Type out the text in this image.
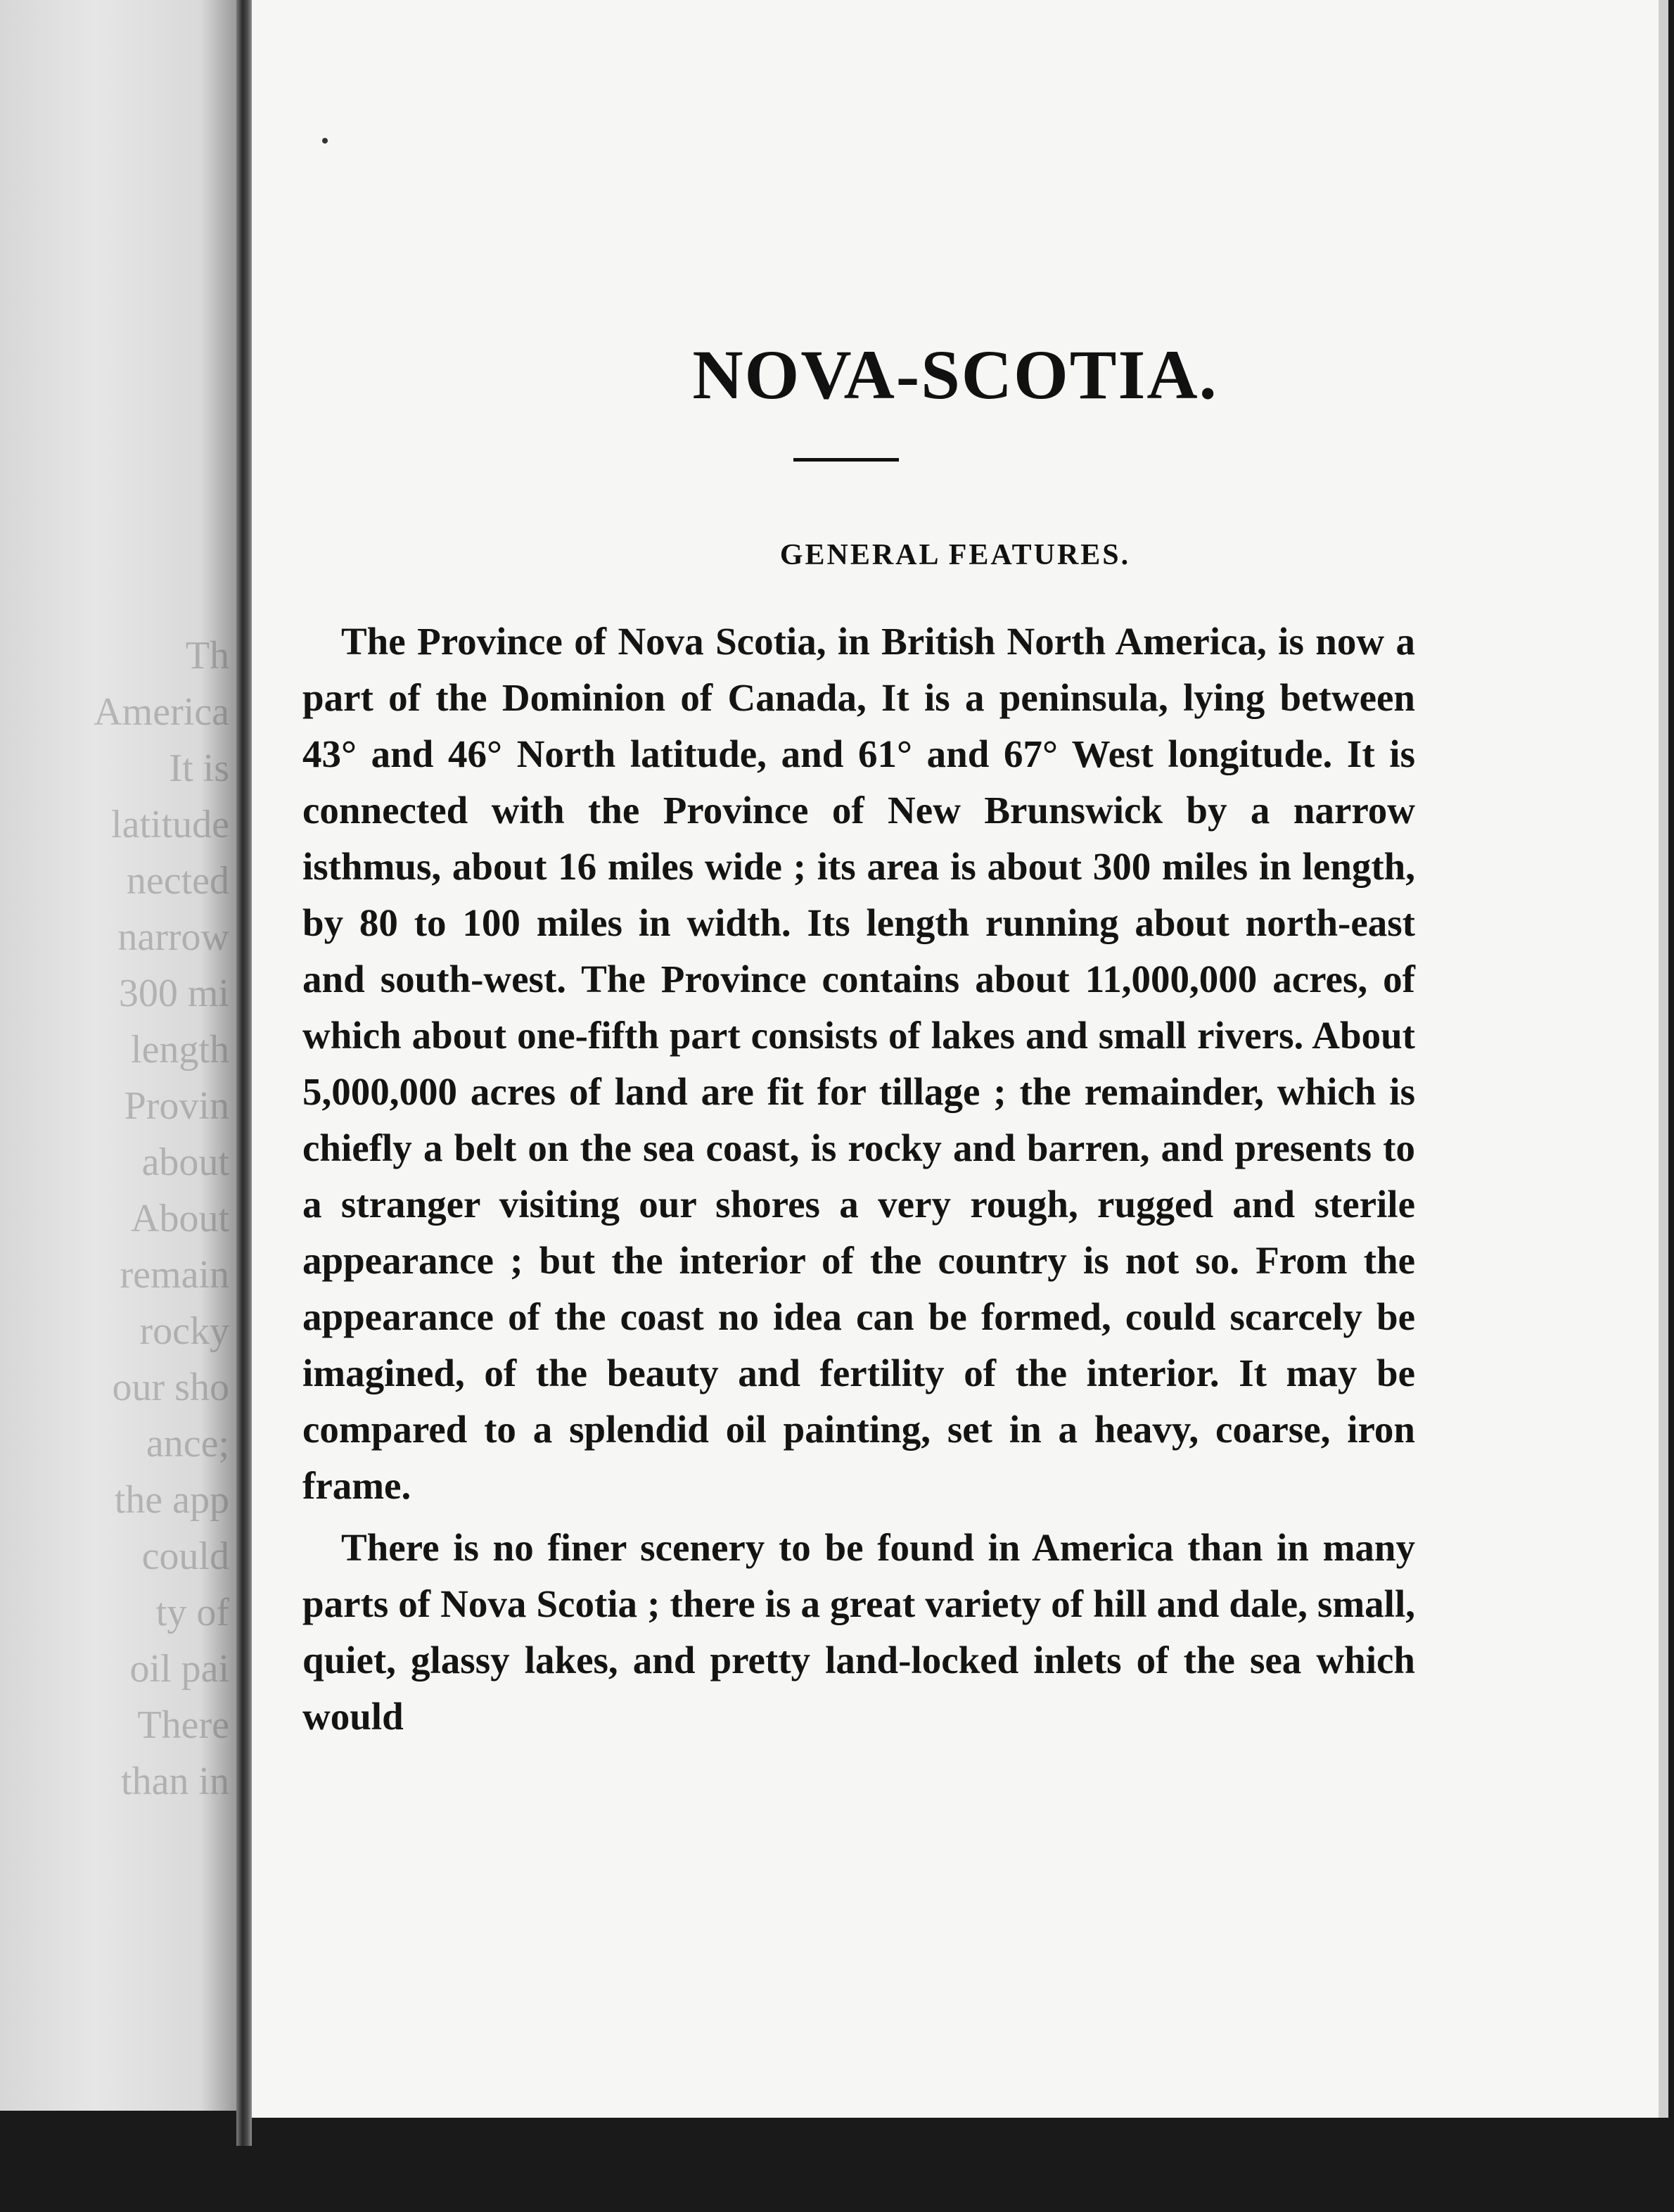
Th
America
It is
latitude
nected
narrow
300 mi
length
Provin
about
About
remain
rocky
our sho
ance;
the app
could
ty of
oil pai
There
than in
NOVA-SCOTIA.
GENERAL FEATURES.

The Province of Nova Scotia, in British North America, is now a part of the Dominion of Canada, It is a peninsula, lying between 43° and 46° North latitude, and 61° and 67° West longitude. It is connected with the Province of New Brunswick by a narrow isthmus, about 16 miles wide ; its area is about 300 miles in length, by 80 to 100 miles in width. Its length running about north-east and south-west. The Province contains about 11,000,000 acres, of which about one-fifth part consists of lakes and small rivers. About 5,000,000 acres of land are fit for tillage ; the remainder, which is chiefly a belt on the sea coast, is rocky and barren, and presents to a stranger visiting our shores a very rough, rugged and sterile appearance ; but the interior of the country is not so. From the appearance of the coast no idea can be formed, could scarcely be imagined, of the beauty and fertility of the interior. It may be compared to a splendid oil painting, set in a heavy, coarse, iron frame.

There is no finer scenery to be found in America than in many parts of Nova Scotia ; there is a great variety of hill and dale, small, quiet, glassy lakes, and pretty land-locked inlets of the sea which would
